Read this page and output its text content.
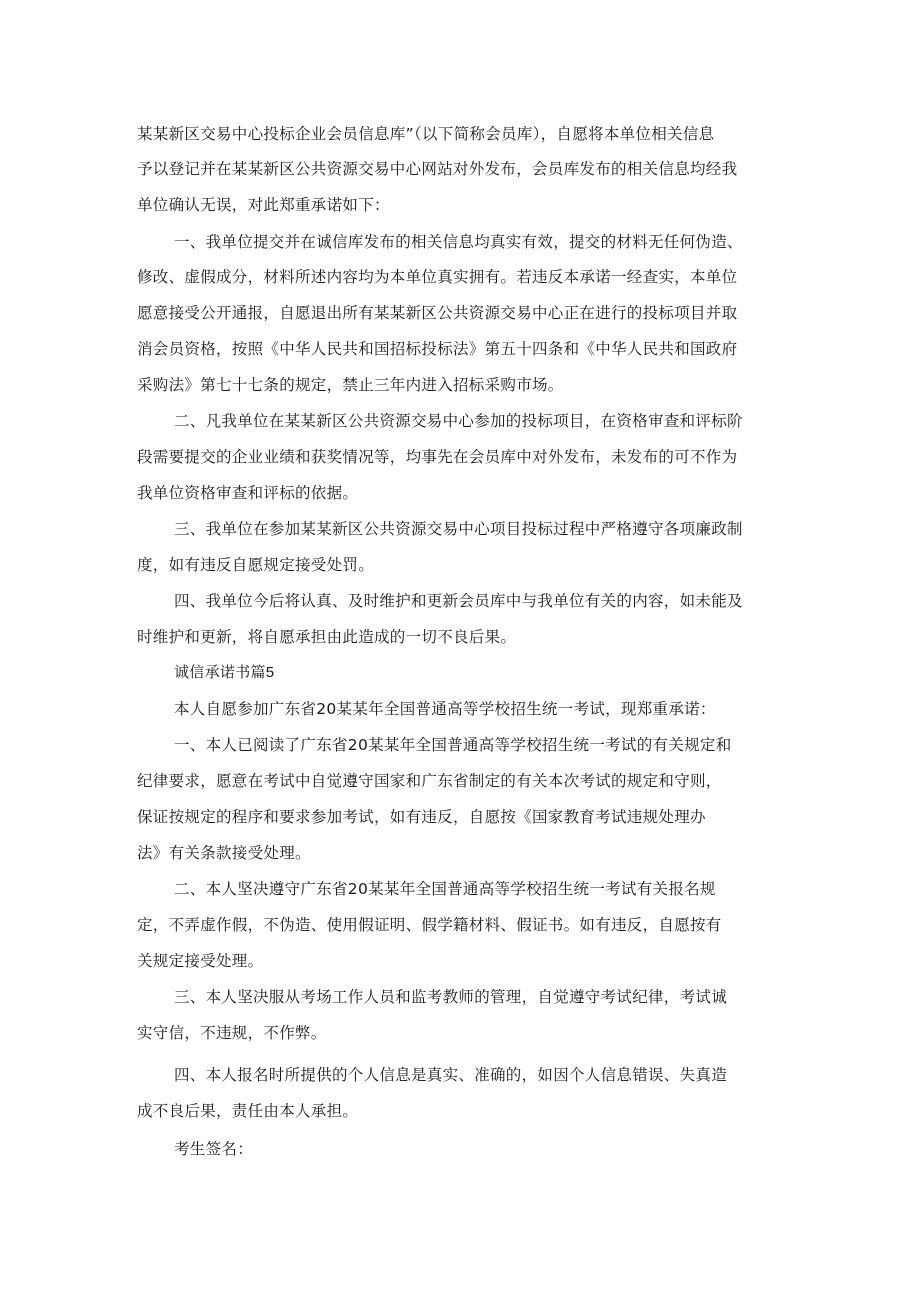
某某新区交易中心投标企业会员信息库”（以下简称会员库），自愿将本单位相关信息
予以登记并在某某新区公共资源交易中心网站对外发布，会员库发布的相关信息均经我
单位确认无误，对此郑重承诺如下：
一、我单位提交并在诚信库发布的相关信息均真实有效，提交的材料无任何伪造、
修改、虚假成分，材料所述内容均为本单位真实拥有。若违反本承诺一经查实，本单位
愿意接受公开通报，自愿退出所有某某新区公共资源交易中心正在进行的投标项目并取
消会员资格，按照《中华人民共和国招标投标法》第五十四条和《中华人民共和国政府
采购法》第七十七条的规定，禁止三年内进入招标采购市场。
二、凡我单位在某某新区公共资源交易中心参加的投标项目，在资格审查和评标阶
段需要提交的企业业绩和获奖情况等，均事先在会员库中对外发布，未发布的可不作为
我单位资格审查和评标的依据。
三、我单位在参加某某新区公共资源交易中心项目投标过程中严格遵守各项廉政制
度，如有违反自愿规定接受处罚。
四、我单位今后将认真、及时维护和更新会员库中与我单位有关的内容，如未能及
时维护和更新，将自愿承担由此造成的一切不良后果。
诚信承诺书篇5
本人自愿参加广东省20某某年全国普通高等学校招生统一考试，现郑重承诺：
一、本人已阅读了广东省20某某年全国普通高等学校招生统一考试的有关规定和
纪律要求，愿意在考试中自觉遵守国家和广东省制定的有关本次考试的规定和守则，
保证按规定的程序和要求参加考试，如有违反，自愿按《国家教育考试违规处理办
法》有关条款接受处理。
二、本人坚决遵守广东省20某某年全国普通高等学校招生统一考试有关报名规
定，不弄虚作假，不伪造、使用假证明、假学籍材料、假证书。如有违反，自愿按有
关规定接受处理。
三、本人坚决服从考场工作人员和监考教师的管理，自觉遵守考试纪律，考试诚
实守信，不违规，不作弊。
四、本人报名时所提供的个人信息是真实、准确的，如因个人信息错误、失真造
成不良后果，责任由本人承担。
考生签名：
